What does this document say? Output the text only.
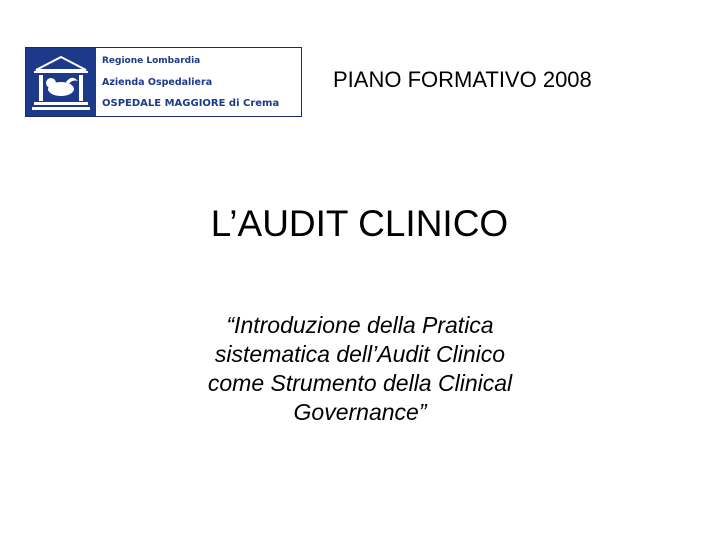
Regione Lombardia
Azienda Ospedaliera
OSPEDALE MAGGIORE di Crema
PIANO FORMATIVO 2008
L’AUDIT CLINICO
“Introduzione della Pratica
sistematica dell’Audit Clinico
come Strumento della Clinical
Governance”
